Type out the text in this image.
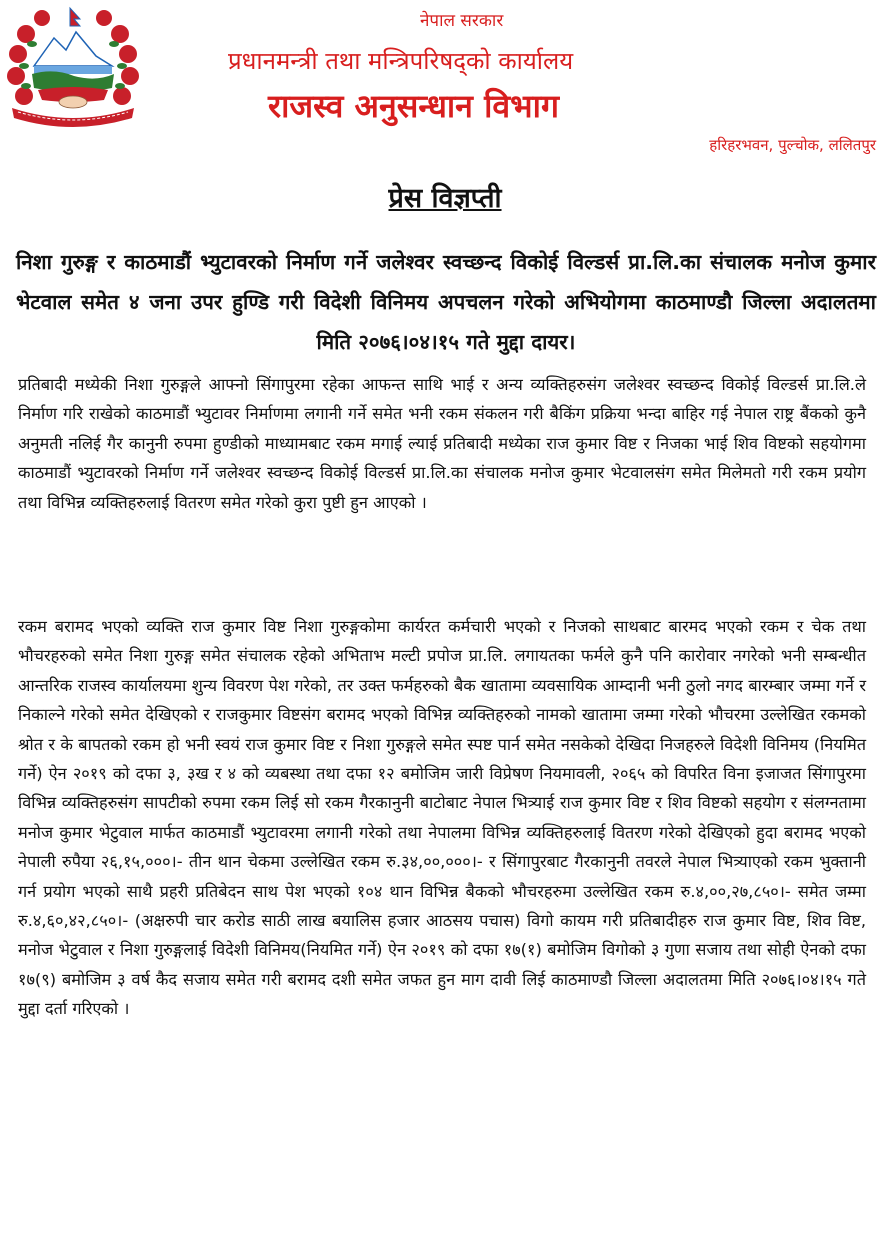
नेपाल सरकार
प्रधानमन्त्री तथा मन्त्रिपरिषद्को कार्यालय
राजस्व अनुसन्धान विभाग
हरिहरभवन, पुल्चोक, ललितपुर
प्रेस विज्ञप्ती
निशा गुरुङ्ग र काठमाडौं भ्युटावरको निर्माण गर्ने जलेश्वर स्वच्छन्द विकोई विल्डर्स प्रा.लि.का संचालक मनोज कुमार भेटवाल समेत ४ जना उपर हुण्डि गरी विदेशी विनिमय अपचलन गरेको अभियोगमा काठमाण्डौ जिल्ला अदालतमा मिति २०७६।०४।१५ गते मुद्दा दायर।
प्रतिबादी मध्येकी निशा गुरुङ्गले आफ्नो सिंगापुरमा रहेका आफन्त साथि भाई र अन्य व्यक्तिहरुसंग जलेश्वर स्वच्छन्द विकोई विल्डर्स प्रा.लि.ले निर्माण गरि राखेको काठमाडौं भ्युटावर निर्माणमा लगानी गर्ने समेत भनी रकम संकलन गरी बैकिंग प्रक्रिया भन्दा बाहिर गई नेपाल राष्ट्र बैंकको कुनै अनुमती नलिई गैर कानुनी रुपमा हुण्डीको माध्यामबाट रकम मगाई ल्याई प्रतिबादी मध्येका राज कुमार विष्ट र निजका भाई शिव विष्टको सहयोगमा काठमाडौं भ्युटावरको निर्माण गर्ने जलेश्वर स्वच्छन्द विकोई विल्डर्स प्रा.लि.का संचालक मनोज कुमार भेटवालसंग समेत मिलेमतो गरी रकम प्रयोग तथा विभिन्न व्यक्तिहरुलाई वितरण समेत गरेको कुरा पुष्टी हुन आएको ।
रकम बरामद भएको व्यक्ति राज कुमार विष्ट निशा गुरुङ्गकोमा कार्यरत कर्मचारी भएको र निजको साथबाट बारमद भएको रकम र चेक तथा भौचरहरुको समेत निशा गुरुङ्ग समेत संचालक रहेको अभिताभ मल्टी प्रपोज प्रा.लि. लगायतका फर्मले कुनै पनि कारोवार नगरेको भनी सम्बन्धीत आन्तरिक राजस्व कार्यालयमा शुन्य विवरण पेश गरेको, तर उक्त फर्महरुको बैक खातामा व्यवसायिक आम्दानी भनी ठुलो नगद बारम्बार जम्मा गर्ने र निकाल्ने गरेको समेत देखिएको र राजकुमार विष्टसंग बरामद भएको विभिन्न व्यक्तिहरुको नामको खातामा जम्मा गरेको भौचरमा उल्लेखित रकमको श्रोत र के बापतको रकम हो भनी स्वयं राज कुमार विष्ट र निशा गुरुङ्गले समेत स्पष्ट पार्न समेत नसकेको देखिदा निजहरुले विदेशी विनिमय (नियमित गर्ने) ऐन २०१९ को दफा ३, ३ख र ४ को व्यबस्था तथा दफा १२ बमोजिम जारी विप्रेषण नियमावली, २०६५ को विपरित विना इजाजत सिंगापुरमा विभिन्न व्यक्तिहरुसंग सापटीको रुपमा रकम लिई सो रकम गैरकानुनी बाटोबाट नेपाल भित्र्याई राज कुमार विष्ट र शिव विष्टको सहयोग र संलग्नतामा मनोज कुमार भेटुवाल मार्फत काठमाडौं भ्युटावरमा लगानी गरेको तथा नेपालमा विभिन्न व्यक्तिहरुलाई वितरण गरेको देखिएको हुदा बरामद भएको नेपाली रुपैया २६,१५,०००।- तीन थान चेकमा उल्लेखित रकम रु.३४,००,०००।- र सिंगापुरबाट गैरकानुनी तवरले नेपाल भित्र्याएको रकम भुक्तानी गर्न प्रयोग भएको साथै प्रहरी प्रतिबेदन साथ पेश भएको १०४ थान विभिन्न बैकको भौचरहरुमा उल्लेखित रकम रु.४,००,२७,८५०।- समेत जम्मा रु.४,६०,४२,८५०।- (अक्षरुपी चार करोड साठी लाख बयालिस हजार आठसय पचास) विगो कायम गरी प्रतिबादीहरु राज कुमार विष्ट, शिव विष्ट, मनोज भेटुवाल र निशा गुरुङ्गलाई विदेशी विनिमय(नियमित गर्ने) ऐन २०१९ को दफा १७(१) बमोजिम विगोको ३ गुणा सजाय तथा सोही ऐनको दफा १७(९) बमोजिम ३ वर्ष कैद सजाय समेत गरी बरामद दशी समेत जफत हुन माग दावी लिई काठमाण्डौ जिल्ला अदालतमा मिति २०७६।०४।१५ गते मुद्दा दर्ता गरिएको ।
